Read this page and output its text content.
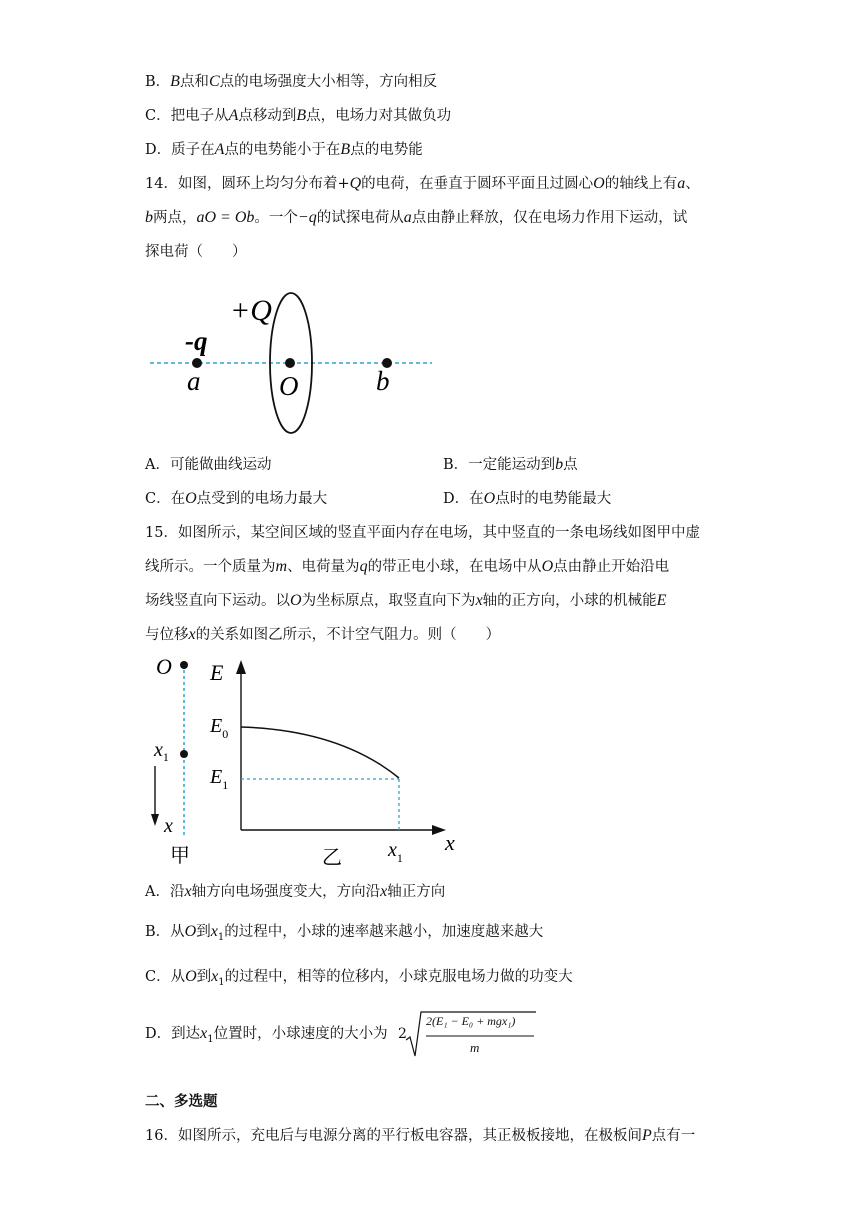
B．B点和C点的电场强度大小相等，方向相反
C．把电子从A点移动到B点，电场力对其做负功
D．质子在A点的电势能小于在B点的电势能
14．如图，圆环上均匀分布着+Q的电荷，在垂直于圆环平面且过圆心O的轴线上有a、
b两点，aO = Ob。一个−q的试探电荷从a点由静止释放，仅在电场力作用下运动，试
探电荷（　　）
+Q
-q
a	O	b
A．可能做曲线运动	B．一定能运动到b点
C．在O点受到的电场力最大	D．在O点时的电势能最大
15．如图所示，某空间区域的竖直平面内存在电场，其中竖直的一条电场线如图甲中虚
线所示。一个质量为m、电荷量为q的带正电小球，在电场中从O点由静止开始沿电
场线竖直向下运动。以O为坐标原点，取竖直向下为x轴的正方向，小球的机械能E
与位移x的关系如图乙所示，不计空气阻力。则（　　）
O
$x_1$
x
甲
E
$E_0$
$E_1$
$x_1$
x
乙
A．沿x轴方向电场强度变大，方向沿x轴正方向
B．从O到$x_1$的过程中，小球的速率越来越小，加速度越来越大
C．从O到$x_1$的过程中，相等的位移内，小球克服电场力做的功变大
D．到达$x_1$位置时，小球速度的大小为 2
2(E₁ − E₀ + mgx₁)
m
二、多选题
16．如图所示，充电后与电源分离的平行板电容器，其正极板接地，在极板间P点有一
